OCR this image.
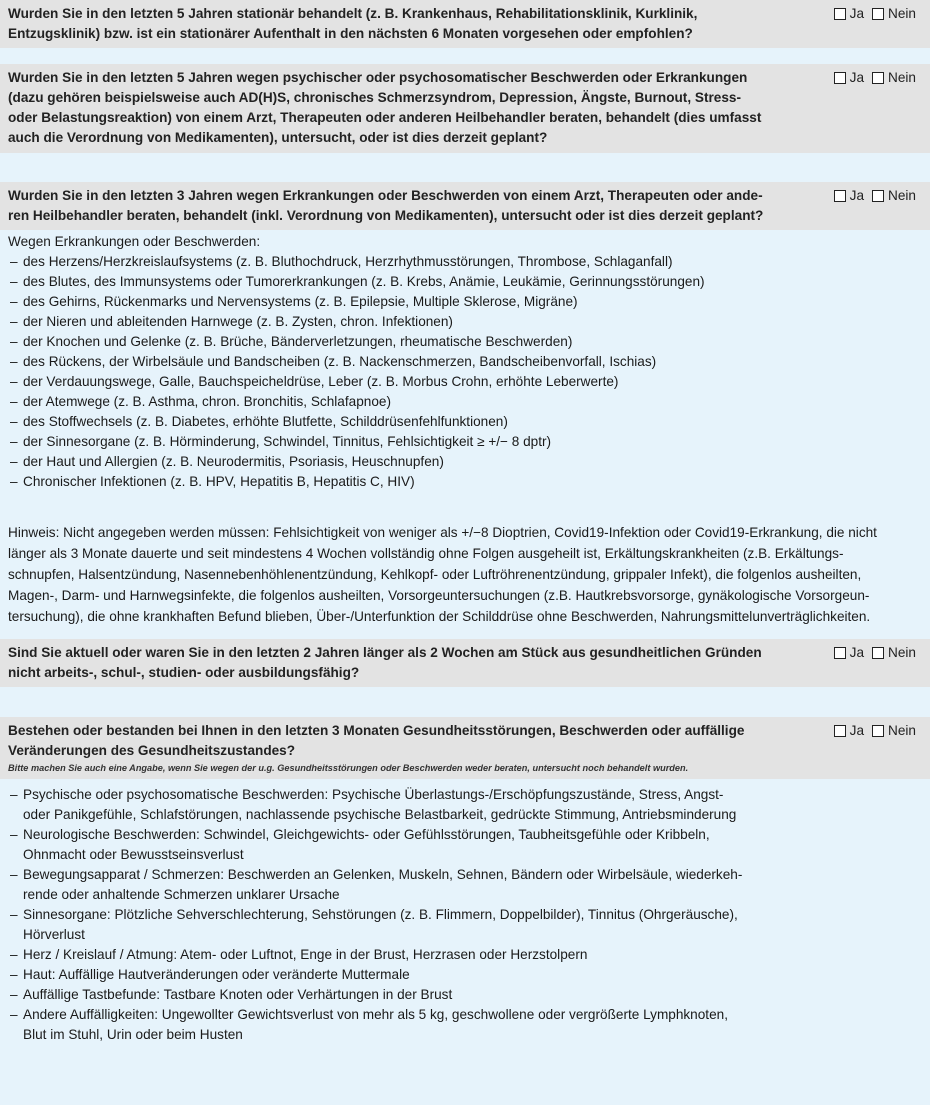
Wurden Sie in den letzten 5 Jahren stationär behandelt (z. B. Krankenhaus, Rehabilitationsklinik, Kurklinik,
Entzugsklinik) bzw. ist ein stationärer Aufenthalt in den nächsten 6 Monaten vorgesehen oder empfohlen?
Ja Nein
Wurden Sie in den letzten 5 Jahren wegen psychischer oder psychosomatischer Beschwerden oder Erkrankungen
(dazu gehören beispielsweise auch AD(H)S, chronisches Schmerzsyndrom, Depression, Ängste, Burnout, Stress-
oder Belastungsreaktion) von einem Arzt, Therapeuten oder anderen Heilbehandler beraten, behandelt (dies umfasst
auch die Verordnung von Medikamenten), untersucht, oder ist dies derzeit geplant?
Ja Nein
Wurden Sie in den letzten 3 Jahren wegen Erkrankungen oder Beschwerden von einem Arzt, Therapeuten oder ande-
ren Heilbehandler beraten, behandelt (inkl. Verordnung von Medikamenten), untersucht oder ist dies derzeit geplant?
Ja Nein
Wegen Erkrankungen oder Beschwerden:
– des Herzens/Herzkreislaufsystems (z. B. Bluthochdruck, Herzrhythmusstörungen, Thrombose, Schlaganfall)
– des Blutes, des Immunsystems oder Tumorerkrankungen (z. B. Krebs, Anämie, Leukämie, Gerinnungsstörungen)
– des Gehirns, Rückenmarks und Nervensystems (z. B. Epilepsie, Multiple Sklerose, Migräne)
– der Nieren und ableitenden Harnwege (z. B. Zysten, chron. Infektionen)
– der Knochen und Gelenke (z. B. Brüche, Bänderverletzungen, rheumatische Beschwerden)
– des Rückens, der Wirbelsäule und Bandscheiben (z. B. Nackenschmerzen, Bandscheibenvorfall, Ischias)
– der Verdauungswege, Galle, Bauchspeicheldrüse, Leber (z. B. Morbus Crohn, erhöhte Leberwerte)
– der Atemwege (z. B. Asthma, chron. Bronchitis, Schlafapnoe)
– des Stoffwechsels (z. B. Diabetes, erhöhte Blutfette, Schilddrüsenfehlfunktionen)
– der Sinnesorgane (z. B. Hörminderung, Schwindel, Tinnitus, Fehlsichtigkeit ≥ +/− 8 dptr)
– der Haut und Allergien (z. B. Neurodermitis, Psoriasis, Heuschnupfen)
– Chronischer Infektionen (z. B. HPV, Hepatitis B, Hepatitis C, HIV)
Hinweis: Nicht angegeben werden müssen: Fehlsichtigkeit von weniger als +/−8 Dioptrien, Covid19-Infektion oder Covid19-Erkrankung, die nicht
länger als 3 Monate dauerte und seit mindestens 4 Wochen vollständig ohne Folgen ausgeheilt ist, Erkältungskrankheiten (z.B. Erkältungs-
schnupfen, Halsentzündung, Nasennebenhöhlenentzündung, Kehlkopf- oder Luftröhrenentzündung, grippaler Infekt), die folgenlos ausheilten,
Magen-, Darm- und Harnwegsinfekte, die folgenlos ausheilten, Vorsorgeuntersuchungen (z.B. Hautkrebsvorsorge, gynäkologische Vorsorgeun-
tersuchung), die ohne krankhaften Befund blieben, Über-/Unterfunktion der Schilddrüse ohne Beschwerden, Nahrungsmittelunverträglichkeiten.
Sind Sie aktuell oder waren Sie in den letzten 2 Jahren länger als 2 Wochen am Stück aus gesundheitlichen Gründen
nicht arbeits-, schul-, studien- oder ausbildungsfähig?
Ja Nein
Bestehen oder bestanden bei Ihnen in den letzten 3 Monaten Gesundheitsstörungen, Beschwerden oder auffällige
Veränderungen des Gesundheitszustandes?
Bitte machen Sie auch eine Angabe, wenn Sie wegen der u.g. Gesundheitsstörungen oder Beschwerden weder beraten, untersucht noch behandelt wurden.
Ja Nein
– Psychische oder psychosomatische Beschwerden: Psychische Überlastungs-/Erschöpfungszustände, Stress, Angst-
oder Panikgefühle, Schlafstörungen, nachlassende psychische Belastbarkeit, gedrückte Stimmung, Antriebsminderung
– Neurologische Beschwerden: Schwindel, Gleichgewichts- oder Gefühlsstörungen, Taubheitsgefühle oder Kribbeln,
Ohnmacht oder Bewusstseinsverlust
– Bewegungsapparat / Schmerzen: Beschwerden an Gelenken, Muskeln, Sehnen, Bändern oder Wirbelsäule, wiederkeh-
rende oder anhaltende Schmerzen unklarer Ursache
– Sinnesorgane: Plötzliche Sehverschlechterung, Sehstörungen (z. B. Flimmern, Doppelbilder), Tinnitus (Ohrgeräusche),
Hörverlust
– Herz / Kreislauf / Atmung: Atem- oder Luftnot, Enge in der Brust, Herzrasen oder Herzstolpern
– Haut: Auffällige Hautveränderungen oder veränderte Muttermale
– Auffällige Tastbefunde: Tastbare Knoten oder Verhärtungen in der Brust
– Andere Auffälligkeiten: Ungewollter Gewichtsverlust von mehr als 5 kg, geschwollene oder vergrößerte Lymphknoten,
Blut im Stuhl, Urin oder beim Husten
